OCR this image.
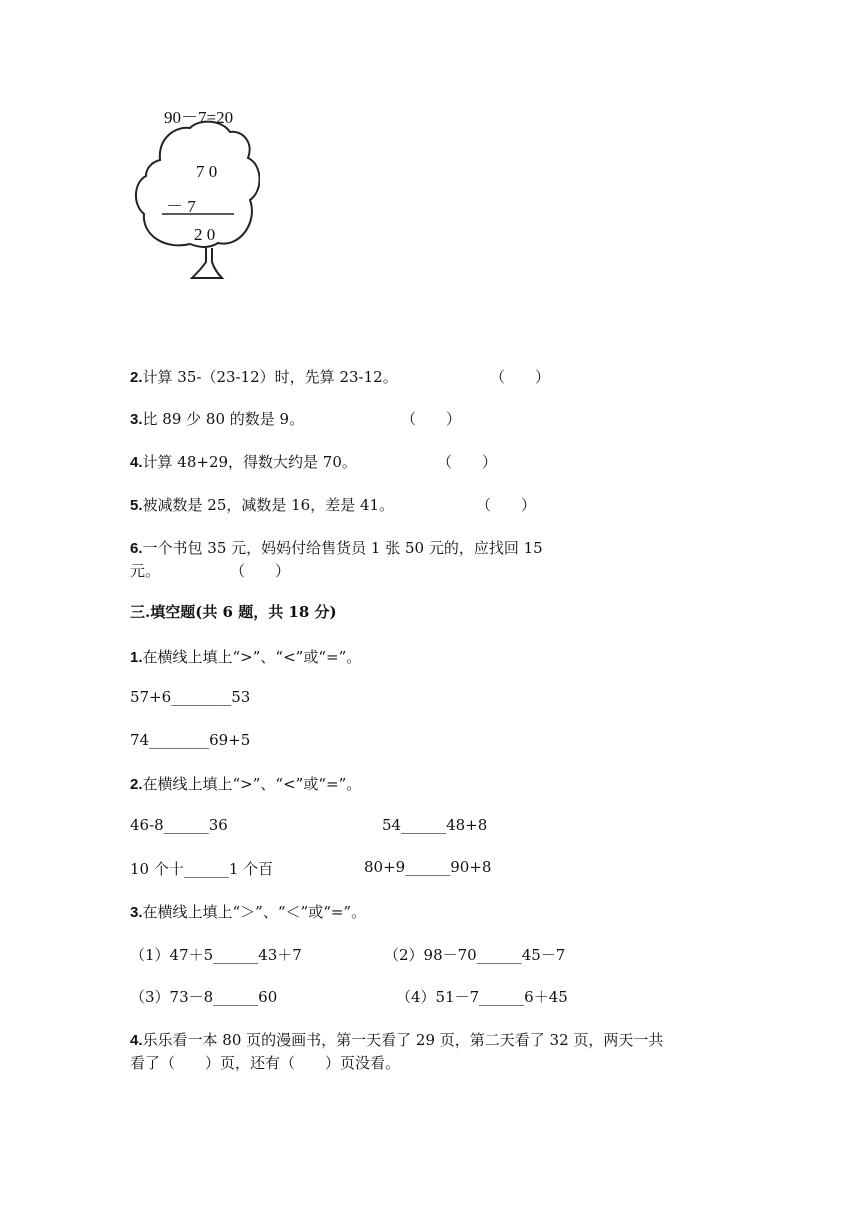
90－7=20
7 0
－ 7
2 0
2.计算 35-（23-12）时，先算 23-12。	（　　）
3.比 89 少 80 的数是 9。	（　　）
4.计算 48+29，得数大约是 70。	（　　）
5.被减数是 25，减数是 16，差是 41。	（　　）
6.一个书包 35 元，妈妈付给售货员 1 张 50 元的，应找回 15
元。	（　　）
三.填空题(共 6 题，共 18 分)
1.在横线上填上“>”、“<”或“=”。
57+6________53
74________69+5
2.在横线上填上“>”、“<”或“=”。
46-8______36	54______48+8
10 个十______1 个百	80+9______90+8
3.在横线上填上“＞”、“＜”或“=”。
（1）47＋5______43＋7	（2）98－70______45－7
（3）73－8______60	（4）51－7______6＋45
4.乐乐看一本 80 页的漫画书，第一天看了 29 页，第二天看了 32 页，两天一共
看了（　　）页，还有（　　）页没看。
